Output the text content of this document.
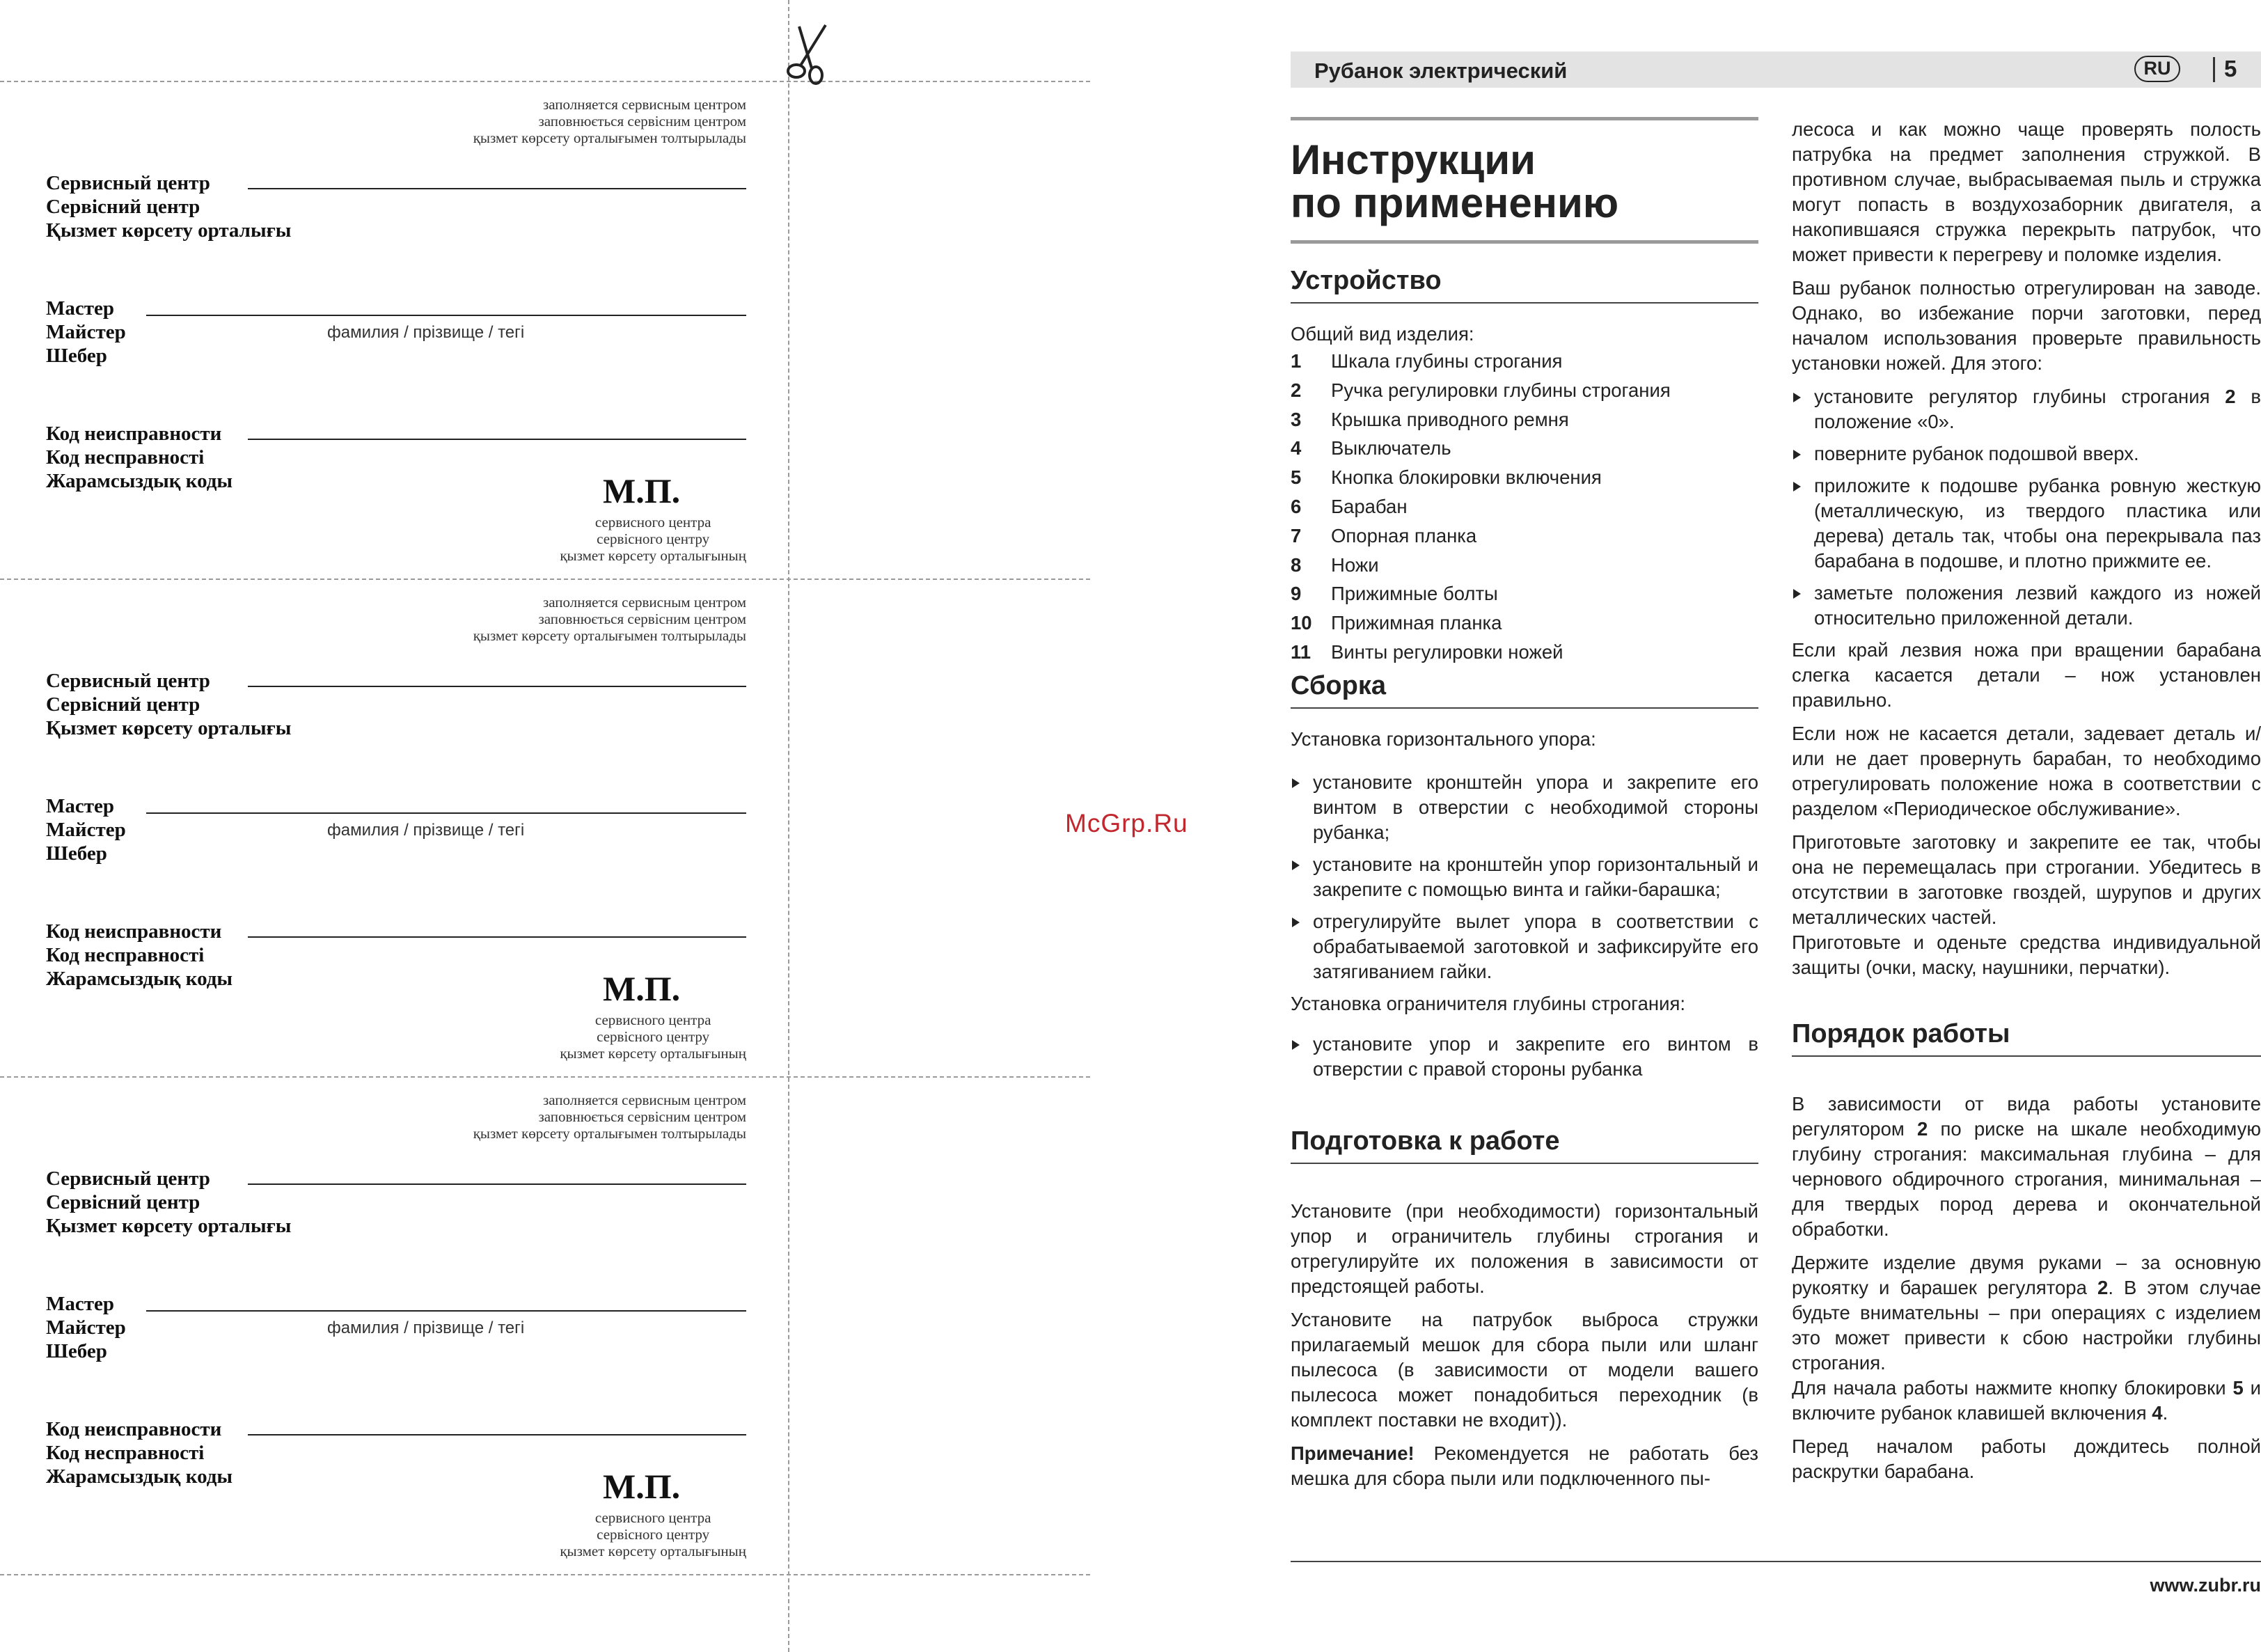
заполняется сервисным центром
заповнюється сервісним центром
қызмет көрсету орталығымен толтырылады
Сервисный центр
Сервісний центр
Қызмет көрсету орталығы
Мастер
Майстер
Шебер
фамилия / прізвище / тегі
Код неисправности
Код несправності
Жарамсыздық коды	М.П.
сервисного центра
сервісного центру
қызмет көрсету орталығының
заполняется сервисным центром
заповнюється сервісним центром
қызмет көрсету орталығымен толтырылады
Сервисный центр
Сервісний центр
Қызмет көрсету орталығы
Мастер
Майстер
Шебер
фамилия / прізвище / тегі
Код неисправности
Код несправності
Жарамсыздық коды	М.П.
сервисного центра
сервісного центру
қызмет көрсету орталығының
заполняется сервисным центром
заповнюється сервісним центром
қызмет көрсету орталығымен толтырылады
Сервисный центр
Сервісний центр
Қызмет көрсету орталығы
Мастер
Майстер
Шебер
фамилия / прізвище / тегі
Код неисправности
Код несправності
Жарамсыздық коды	М.П.
сервисного центра
сервісного центру
қызмет көрсету орталығының
McGrp.Ru
Рубанок электрический	RU	5
Инструкции
по применению
Устройство

Общий вид изделия:

1 Шкала глубины строгания
2 Ручка регулировки глубины строгания
3 Крышка приводного ремня
4 Выключатель
5 Кнопка блокировки включения
6 Барабан
7 Опорная планка
8 Ножи
9 Прижимные болты
10 Прижимная планка
11 Винты регулировки ножей
Сборка

Установка горизонтального упора:

установите кронштейн упора и закрепите его винтом в отверстии с необходимой стороны рубанка;
установите на кронштейн упор горизонтальный и закрепите с помощью винта и гайки-барашка;
отрегулируйте вылет упора в соответствии с обрабатываемой заготовкой и зафиксируйте его затягиванием гайки.

Установка ограничителя глубины строгания:

установите упор и закрепите его винтом в отверстии с правой стороны рубанка
Подготовка к работе

Установите (при необходимости) горизонтальный упор и ограничитель глубины строгания и отрегулируйте их положения в зависимости от предстоящей работы.

Установите на патрубок выброса стружки прилагаемый мешок для сбора пыли или шланг пылесоса (в зависимости от модели вашего пылесоса может понадобиться переходник (в комплект поставки не входит)).

Примечание! Рекомендуется не работать без мешка для сбора пыли или подключенного пы-

лесоса и как можно чаще проверять полость патрубка на предмет заполнения стружкой. В противном случае, выбрасываемая пыль и стружка могут попасть в воздухозаборник двигателя, а накопившаяся стружка перекрыть патрубок, что может привести к перегреву и поломке изделия.

Ваш рубанок полностью отрегулирован на заводе. Однако, во избежание порчи заготовки, перед началом использования проверьте правильность установки ножей. Для этого:

установите регулятор глубины строгания 2 в положение «0».
поверните рубанок подошвой вверх.
приложите к подошве рубанка ровную жесткую (металлическую, из твердого пластика или дерева) деталь так, чтобы она перекрывала паз барабана в подошве, и плотно прижмите ее.
заметьте положения лезвий каждого из ножей относительно приложенной детали.

Если край лезвия ножа при вращении барабана слегка касается детали – нож установлен правильно.

Если нож не касается детали, задевает деталь и/или не дает провернуть барабан, то необходимо отрегулировать положение ножа в соответствии с разделом «Периодическое обслуживание».

Приготовьте заготовку и закрепите ее так, чтобы она не перемещалась при строгании. Убедитесь в отсутствии в заготовке гвоздей, шурупов и других металлических частей.

Приготовьте и оденьте средства индивидуальной защиты (очки, маску, наушники, перчатки).

Порядок работы

В зависимости от вида работы установите регулятором 2 по риске на шкале необходимую глубину строгания: максимальная глубина – для чернового обдирочного строгания, минимальная – для твердых пород дерева и окончательной обработки.

Держите изделие двумя руками – за основную рукоятку и барашек регулятора 2. В этом случае будьте внимательны – при операциях с изделием это может привести к сбою настройки глубины строгания.

Для начала работы нажмите кнопку блокировки 5 и включите рубанок клавишей включения 4.

Перед началом работы дождитесь полной раскрутки барабана.

www.zubr.ru
